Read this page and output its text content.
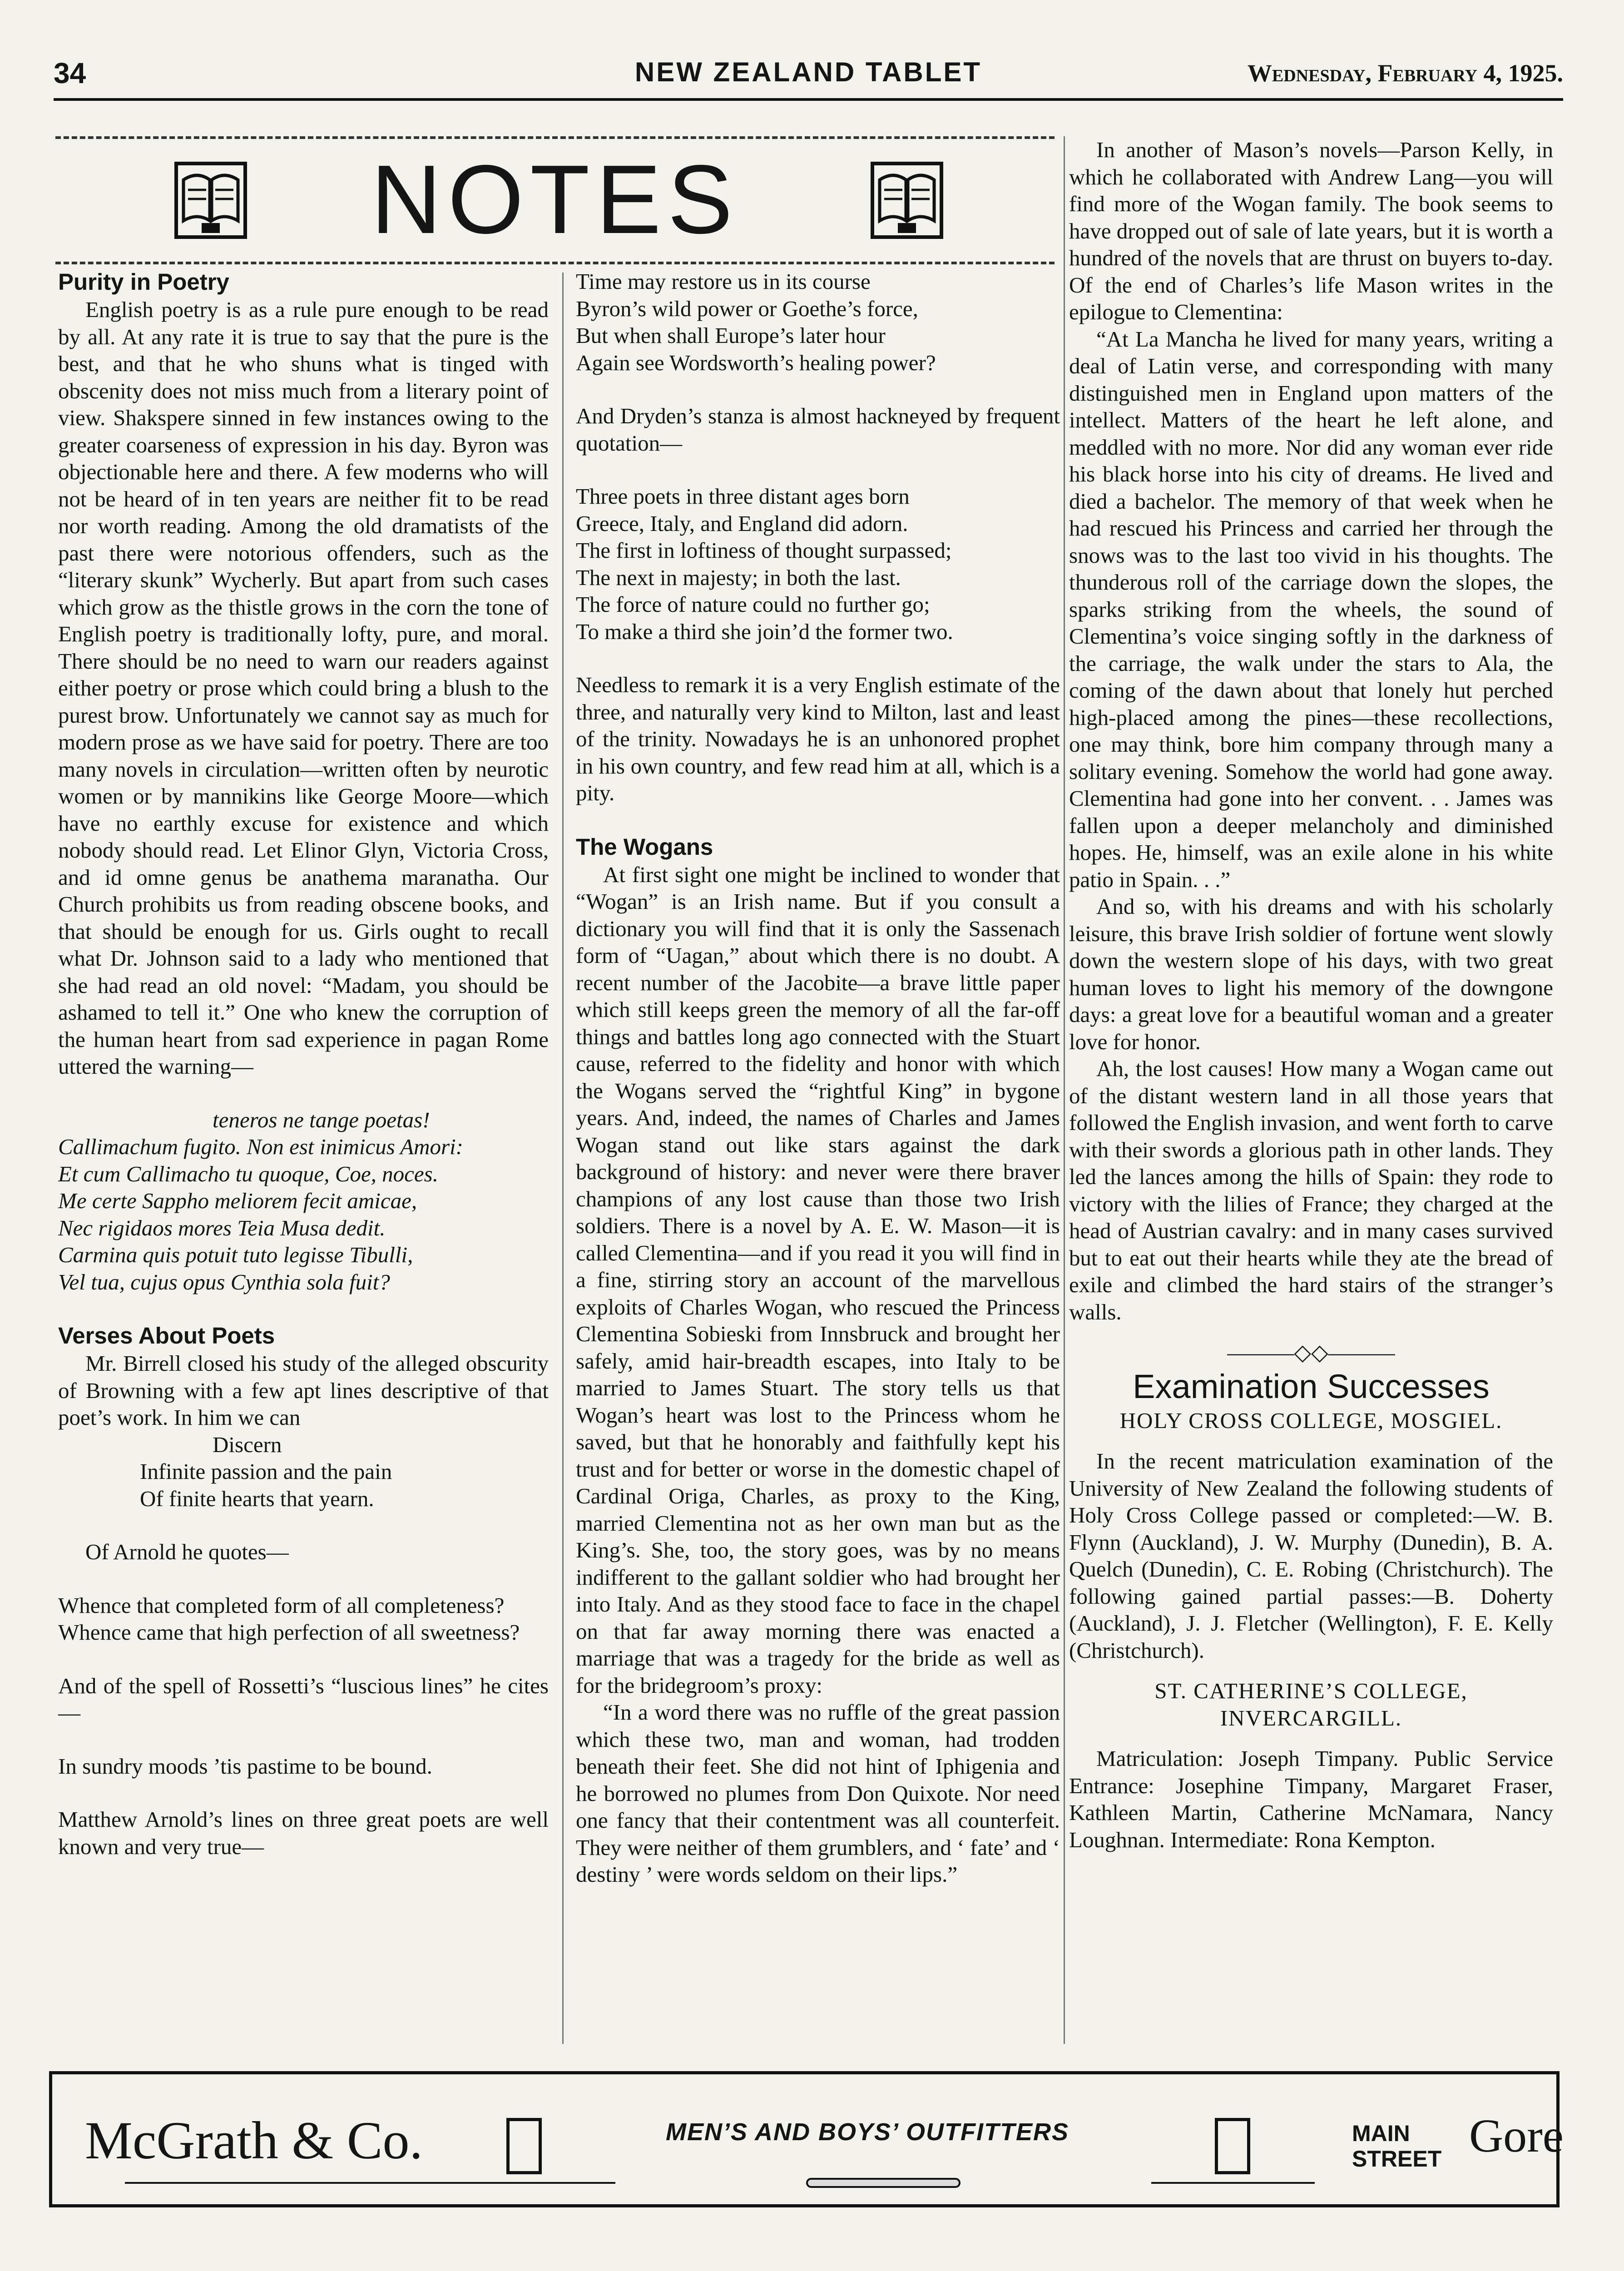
34	NEW ZEALAND TABLET	Wednesday, February 4, 1925.
NOTES
Purity in Poetry

English poetry is as a rule pure enough to be read by all. At any rate it is true to say that the pure is the best, and that he who shuns what is tinged with obscenity does not miss much from a literary point of view. Shakspere sinned in few instances owing to the greater coarseness of expression in his day. Byron was objectionable here and there. A few moderns who will not be heard of in ten years are neither fit to be read nor worth reading. Among the old dramatists of the past there were notorious offenders, such as the “literary skunk” Wycherly. But apart from such cases which grow as the thistle grows in the corn the tone of English poetry is traditionally lofty, pure, and moral. There should be no need to warn our readers against either poetry or prose which could bring a blush to the purest brow. Unfortunately we cannot say as much for modern prose as we have said for poetry. There are too many novels in circulation—written often by neurotic women or by mannikins like George Moore—which have no earthly excuse for existence and which nobody should read. Let Elinor Glyn, Victoria Cross, and id omne genus be anathema maranatha. Our Church prohibits us from reading obscene books, and that should be enough for us. Girls ought to recall what Dr. Johnson said to a lady who mentioned that she had read an old novel: “Madam, you should be ashamed to tell it.” One who knew the corruption of the human heart from sad experience in pagan Rome uttered the warning—

teneros ne tange poetas!

Callimachum fugito. Non est inimicus Amori:

Et cum Callimacho tu quoque, Coe, noces.

Me certe Sappho meliorem fecit amicae,

Nec rigidaos mores Teia Musa dedit.

Carmina quis potuit tuto legisse Tibulli,

Vel tua, cujus opus Cynthia sola fuit?

Verses About Poets

Mr. Birrell closed his study of the alleged obscurity of Browning with a few apt lines descriptive of that poet’s work. In him we can

Discern

Infinite passion and the pain

Of finite hearts that yearn.

Of Arnold he quotes—

Whence that completed form of all completeness?

Whence came that high perfection of all sweetness?

And of the spell of Rossetti’s “luscious lines” he cites—

In sundry moods ’tis pastime to be bound.

Matthew Arnold’s lines on three great poets are well known and very true—

Time may restore us in its course

Byron’s wild power or Goethe’s force,

But when shall Europe’s later hour

Again see Wordsworth’s healing power?

And Dryden’s stanza is almost hackneyed by frequent quotation—

Three poets in three distant ages born

Greece, Italy, and England did adorn.

The first in loftiness of thought surpassed;

The next in majesty; in both the last.

The force of nature could no further go;

To make a third she join’d the former two.

Needless to remark it is a very English estimate of the three, and naturally very kind to Milton, last and least of the trinity. Nowadays he is an unhonored prophet in his own country, and few read him at all, which is a pity.

The Wogans

At first sight one might be inclined to wonder that “Wogan” is an Irish name. But if you consult a dictionary you will find that it is only the Sassenach form of “Uagan,” about which there is no doubt. A recent number of the Jacobite—a brave little paper which still keeps green the memory of all the far-off things and battles long ago connected with the Stuart cause, referred to the fidelity and honor with which the Wogans served the “rightful King” in bygone years. And, indeed, the names of Charles and James Wogan stand out like stars against the dark background of history: and never were there braver champions of any lost cause than those two Irish soldiers. There is a novel by A. E. W. Mason—it is called Clementina—and if you read it you will find in a fine, stirring story an account of the marvellous exploits of Charles Wogan, who rescued the Princess Clementina Sobieski from Innsbruck and brought her safely, amid hair-breadth escapes, into Italy to be married to James Stuart. The story tells us that Wogan’s heart was lost to the Princess whom he saved, but that he honorably and faithfully kept his trust and for better or worse in the domestic chapel of Cardinal Origa, Charles, as proxy to the King, married Clementina not as her own man but as the King’s. She, too, the story goes, was by no means indifferent to the gallant soldier who had brought her into Italy. And as they stood face to face in the chapel on that far away morning there was enacted a marriage that was a tragedy for the bride as well as for the bridegroom’s proxy:

“In a word there was no ruffle of the great passion which these two, man and woman, had trodden beneath their feet. She did not hint of Iphigenia and he borrowed no plumes from Don Quixote. Nor need one fancy that their contentment was all counterfeit. They were neither of them grumblers, and ‘ fate’ and ‘ destiny ’ were words seldom on their lips.”

In another of Mason’s novels—Parson Kelly, in which he collaborated with Andrew Lang—you will find more of the Wogan family. The book seems to have dropped out of sale of late years, but it is worth a hundred of the novels that are thrust on buyers to-day. Of the end of Charles’s life Mason writes in the epilogue to Clementina:

“At La Mancha he lived for many years, writing a deal of Latin verse, and corresponding with many distinguished men in England upon matters of the intellect. Matters of the heart he left alone, and meddled with no more. Nor did any woman ever ride his black horse into his city of dreams. He lived and died a bachelor. The memory of that week when he had rescued his Princess and carried her through the snows was to the last too vivid in his thoughts. The thunderous roll of the carriage down the slopes, the sparks striking from the wheels, the sound of Clementina’s voice singing softly in the darkness of the carriage, the walk under the stars to Ala, the coming of the dawn about that lonely hut perched high-placed among the pines—these recollections, one may think, bore him company through many a solitary evening. Somehow the world had gone away. Clementina had gone into her convent. . . James was fallen upon a deeper melancholy and diminished hopes. He, himself, was an exile alone in his white patio in Spain. . .”

And so, with his dreams and with his scholarly leisure, this brave Irish soldier of fortune went slowly down the western slope of his days, with two great human loves to light his memory of the downgone days: a great love for a beautiful woman and a greater love for honor.

Ah, the lost causes! How many a Wogan came out of the distant western land in all those years that followed the English invasion, and went forth to carve with their swords a glorious path in other lands. They led the lances among the hills of Spain: they rode to victory with the lilies of France; they charged at the head of Austrian cavalry: and in many cases survived but to eat out their hearts while they ate the bread of exile and climbed the hard stairs of the stranger’s walls.

———◇◇———

Examination Successes

HOLY CROSS COLLEGE, MOSGIEL.

In the recent matriculation examination of the University of New Zealand the following students of Holy Cross College passed or completed:—W. B. Flynn (Auckland), J. W. Murphy (Dunedin), B. A. Quelch (Dunedin), C. E. Robing (Christchurch). The following gained partial passes:—B. Doherty (Auckland), J. J. Fletcher (Wellington), F. E. Kelly (Christchurch).

ST. CATHERINE’S COLLEGE,

INVERCARGILL.

Matriculation: Joseph Timpany. Public Service Entrance: Josephine Timpany, Margaret Fraser, Kathleen Martin, Catherine McNamara, Nancy Loughnan. Intermediate: Rona Kempton.

McGrath & Co.	MEN’S AND BOYS’ OUTFITTERS	MAIN
STREET Gore
